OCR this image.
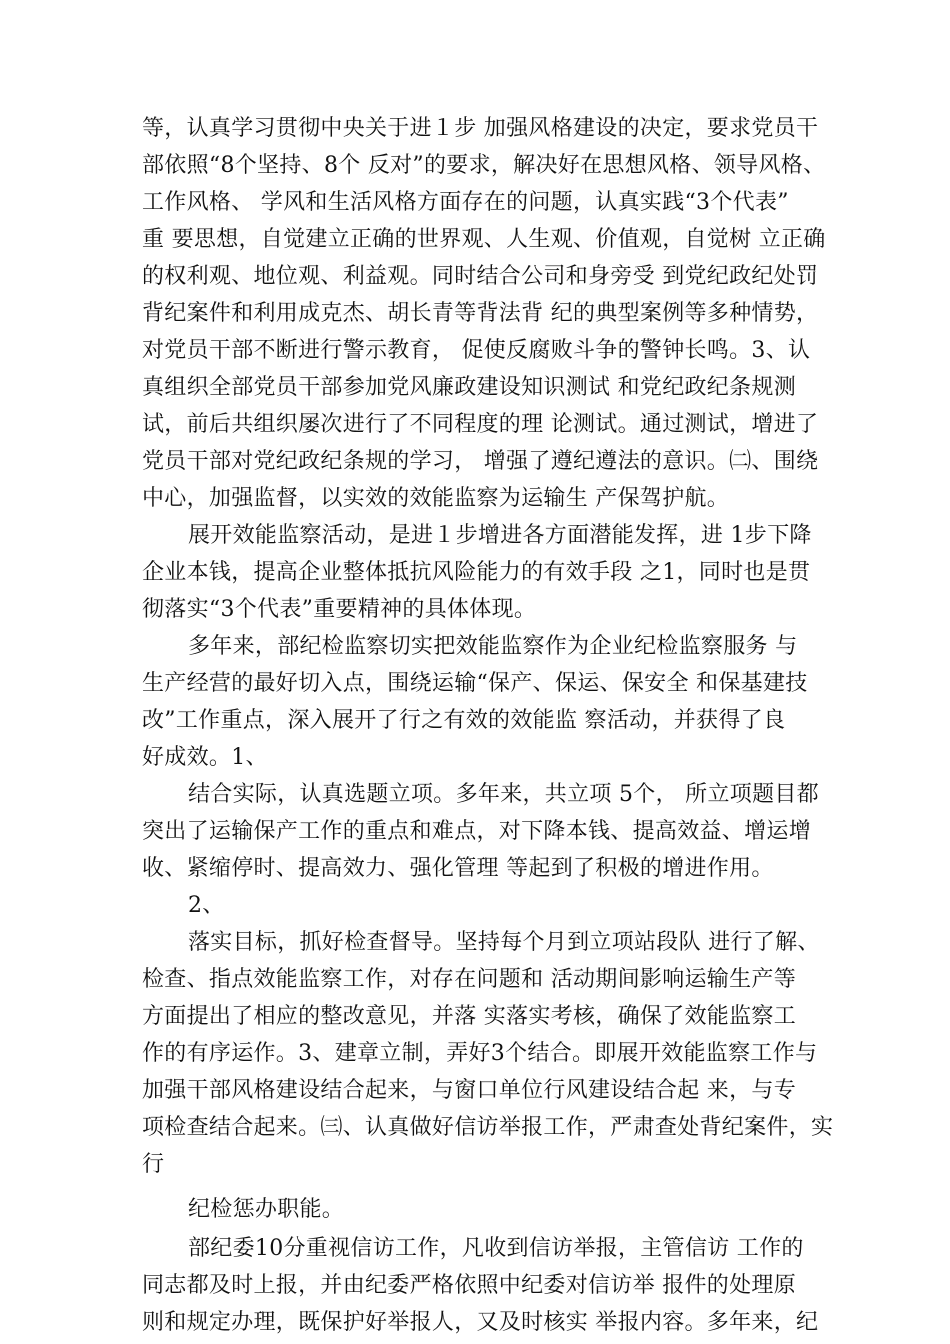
等，认真学习贯彻中央关于进１步 加强风格建设的决定，要求党员干
部依照“8个坚持、8个 反对”的要求，解决好在思想风格、领导风格、
工作风格、 学风和生活风格方面存在的问题，认真实践“3个代表”
重 要思想，自觉建立正确的世界观、人生观、价值观，自觉树 立正确
的权利观、地位观、利益观。同时结合公司和身旁受 到党纪政纪处罚
背纪案件和利用成克杰、胡长青等背法背 纪的典型案例等多种情势，
对党员干部不断进行警示教育， 促使反腐败斗争的警钟长鸣。3、认
真组织全部党员干部参加党风廉政建设知识测试 和党纪政纪条规测
试，前后共组织屡次进行了不同程度的理 论测试。通过测试，增进了
党员干部对党纪政纪条规的学习， 增强了遵纪遵法的意识。㈡、围绕
中心，加强监督，以实效的效能监察为运输生 产保驾护航。
展开效能监察活动，是进１步增进各方面潜能发挥，进 1步下降
企业本钱，提高企业整体抵抗风险能力的有效手段 之1，同时也是贯
彻落实“3个代表”重要精神的具体体现。
多年来，部纪检监察切实把效能监察作为企业纪检监察服务 与
生产经营的最好切入点，围绕运输“保产、保运、保安全 和保基建技
改”工作重点，深入展开了行之有效的效能监 察活动，并获得了良
好成效。1、
结合实际，认真选题立项。多年来，共立项 5个， 所立项题目都
突出了运输保产工作的重点和难点，对下降本钱、提高效益、增运增
收、紧缩停时、提高效力、强化管理 等起到了积极的增进作用。
2、
落实目标，抓好检查督导。坚持每个月到立项站段队 进行了解、
检查、指点效能监察工作，对存在问题和 活动期间影响运输生产等
方面提出了相应的整改意见，并落 实落实考核，确保了效能监察工
作的有序运作。3、建章立制，弄好3个结合。即展开效能监察工作与
加强干部风格建设结合起来，与窗口单位行风建设结合起 来，与专
项检查结合起来。㈢、认真做好信访举报工作，严肃查处背纪案件，实
行
纪检惩办职能。
部纪委10分重视信访工作，凡收到信访举报，主管信访 工作的
同志都及时上报，并由纪委严格依照中纪委对信访举 报件的处理原
则和规定办理，既保护好举报人，又及时核实 举报内容。多年来，纪
